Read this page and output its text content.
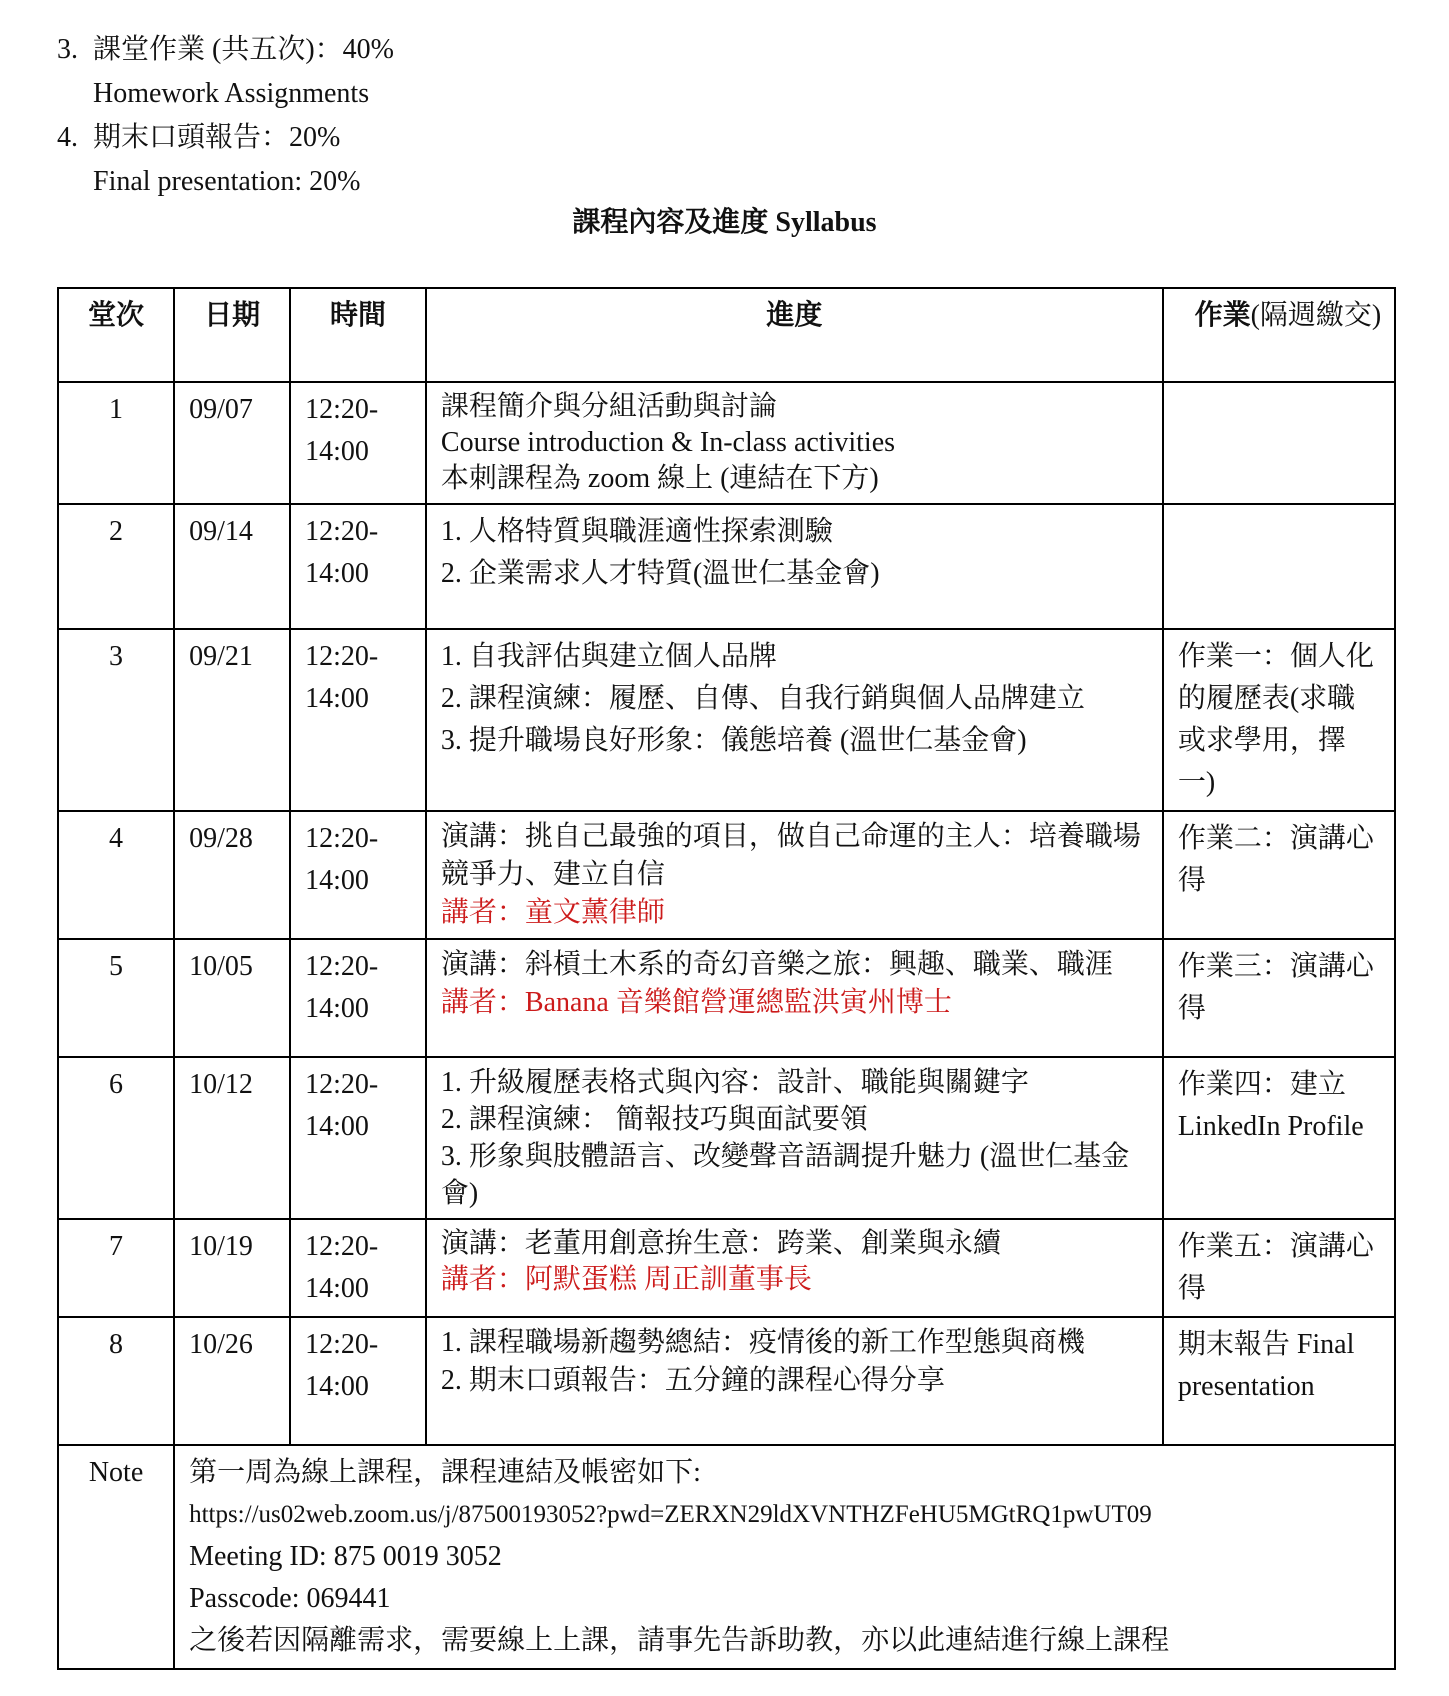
3. 課堂作業 (共五次)：40%
Homework Assignments
4. 期末口頭報告：20%
Final presentation: 20%
課程內容及進度 Syllabus
堂次	日期	時間	進度	作業(隔週繳交)
1	09/07	12:20-14:00	課程簡介與分組活動與討論
Course introduction & In-class activities
本刺課程為 zoom 線上 (連結在下方)	

2	09/14	12:20-14:00	1. 人格特質與職涯適性探索測驗
2. 企業需求人才特質(溫世仁基金會)	

3	09/21	12:20-14:00	1. 自我評估與建立個人品牌
2. 課程演練：履歷、自傳、自我行銷與個人品牌建立
3. 提升職場良好形象：儀態培養 (溫世仁基金會)	作業一：個人化的履歷表(求職或求學用，擇一)
4	09/28	12:20-14:00	演講：挑自己最強的項目，做自己命運的主人：培養職場競爭力、建立自信
講者：童文薰律師	作業二：演講心得
5	10/05	12:20-14:00	演講：斜槓土木系的奇幻音樂之旅：興趣、職業、職涯
講者：Banana 音樂館營運總監洪寅州博士	作業三：演講心得
6	10/12	12:20-14:00	1. 升級履歷表格式與內容：設計、職能與關鍵字
2. 課程演練： 簡報技巧與面試要領
3. 形象與肢體語言、改變聲音語調提升魅力 (溫世仁基金會)	作業四：建立 LinkedIn Profile
7	10/19	12:20-14:00	演講：老董用創意拚生意：跨業、創業與永續
講者：阿默蛋糕 周正訓董事長	作業五：演講心得
8	10/26	12:20-14:00	1. 課程職場新趨勢總結：疫情後的新工作型態與商機
2. 期末口頭報告：五分鐘的課程心得分享	期末報告 Final presentation
Note	第一周為線上課程，課程連結及帳密如下:
https://us02web.zoom.us/j/87500193052?pwd=ZERXN29ldXVNTHZFeHU5MGtRQ1pwUT09
Meeting ID: 875 0019 3052
Passcode: 069441
之後若因隔離需求，需要線上上課，請事先告訴助教，亦以此連結進行線上課程			
